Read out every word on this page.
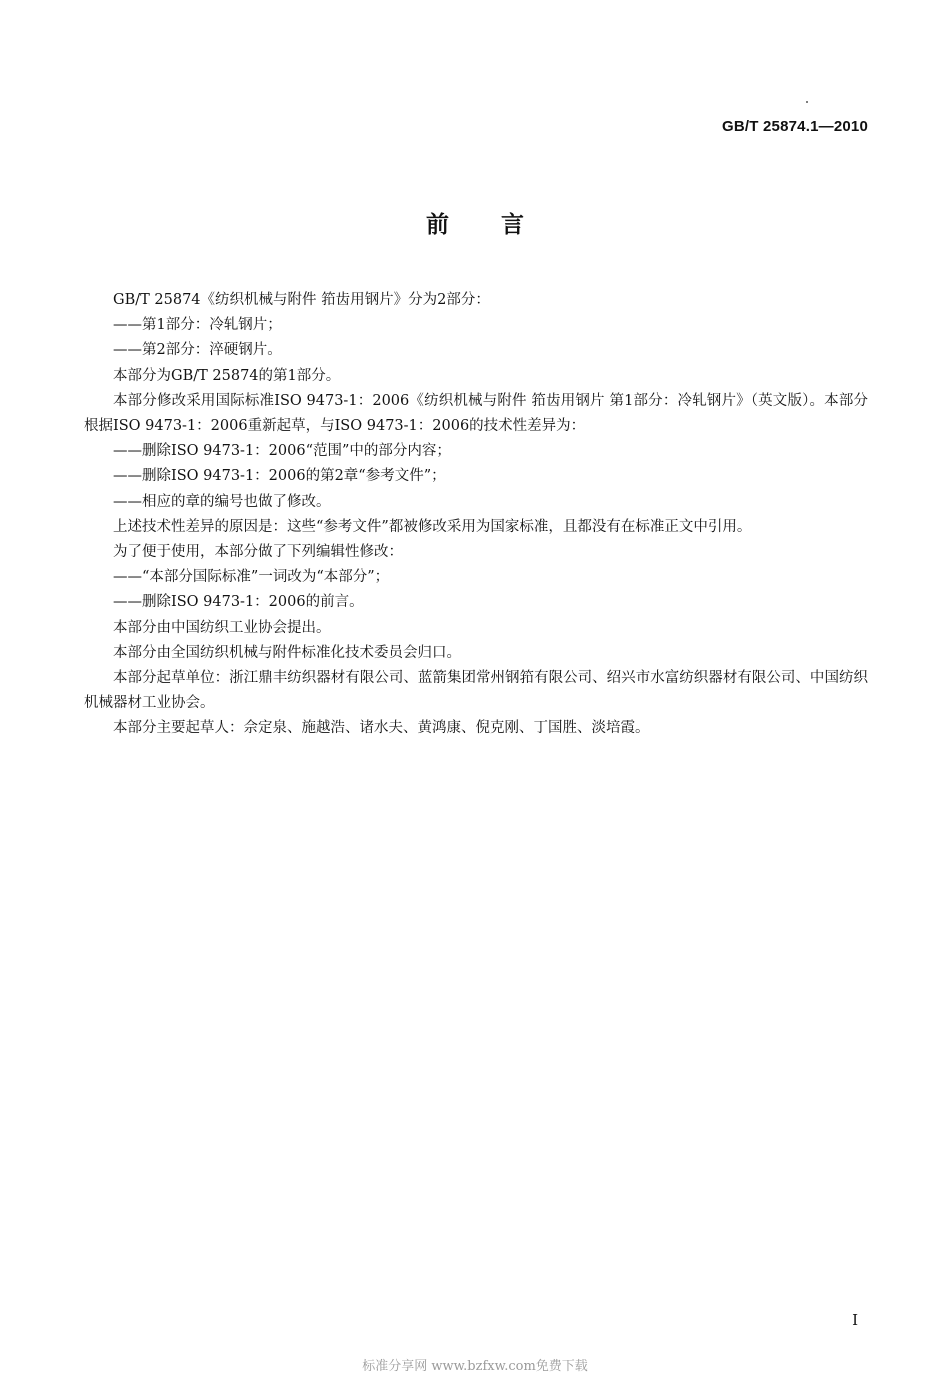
GB/T 25874.1—2010
前言

GB/T 25874《纺织机械与附件 筘齿用钢片》分为2部分：

——第1部分：冷轧钢片；

——第2部分：淬硬钢片。

本部分为GB/T 25874的第1部分。

本部分修改采用国际标准ISO 9473-1：2006《纺织机械与附件 筘齿用钢片 第1部分：冷轧钢片》（英文版）。本部分根据ISO 9473-1：2006重新起草，与ISO 9473-1：2006的技术性差异为：

——删除ISO 9473-1：2006“范围”中的部分内容；

——删除ISO 9473-1：2006的第2章“参考文件”；

——相应的章的编号也做了修改。

上述技术性差异的原因是：这些“参考文件”都被修改采用为国家标准，且都没有在标准正文中引用。

为了便于使用，本部分做了下列编辑性修改：

——“本部分国际标准”一词改为“本部分”；

——删除ISO 9473-1：2006的前言。

本部分由中国纺织工业协会提出。

本部分由全国纺织机械与附件标准化技术委员会归口。

本部分起草单位：浙江鼎丰纺织器材有限公司、蓝箭集团常州钢筘有限公司、绍兴市水富纺织器材有限公司、中国纺织机械器材工业协会。

本部分主要起草人：佘定泉、施越浩、诸水夫、黄鸿康、倪克刚、丁国胜、淡培霞。

I
标准分享网 www.bzfxw.com免费下载
